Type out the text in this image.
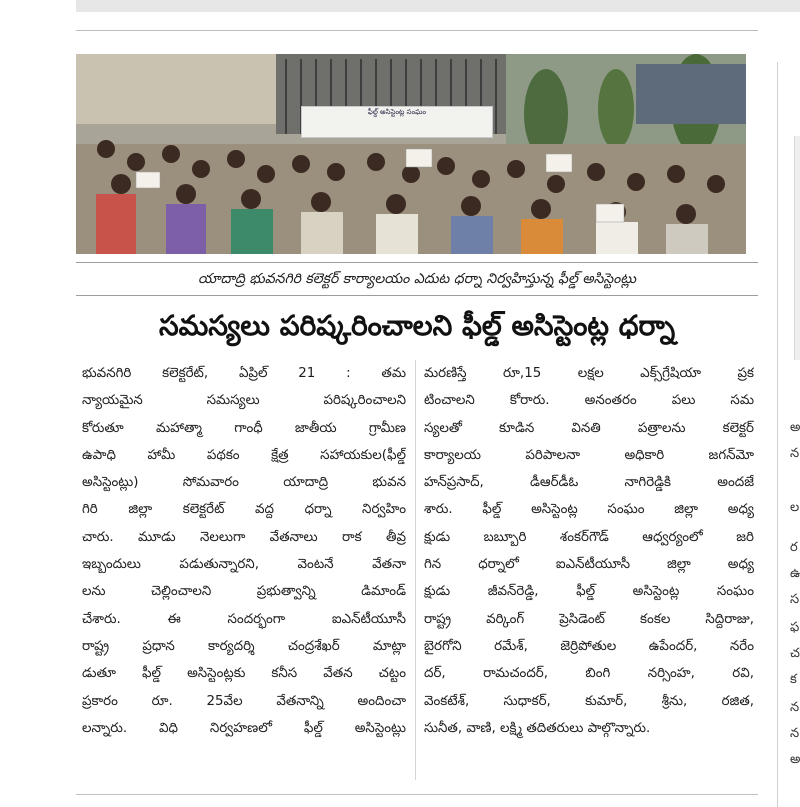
అ
న
ల
ర
ఉ
స
ఫ
చ
క
న
న
అ
ఫీల్డ్ అసిస్టెంట్ల సంఘం
యాదాద్రి భువనగిరి కలెక్టర్ కార్యాలయం ఎదుట ధర్నా నిర్వహిస్తున్న ఫీల్డ్ అసిస్టెంట్లు
సమస్యలు పరిష్కరించాలని ఫీల్డ్ అసిస్టెంట్ల ధర్నా
భువనగిరి కలెక్టరేట్, ఏప్రిల్ 21 : తమ
న్యాయమైన సమస్యలు పరిష్కరించాలని
కోరుతూ మహాత్మా గాంధీ జాతీయ గ్రామీణ
ఉపాధి హామీ పథకం క్షేత్ర సహాయకుల(ఫీల్డ్
అసిస్టెంట్లు) సోమవారం యాదాద్రి భువన
గిరి జిల్లా కలెక్టరేట్ వద్ద ధర్నా నిర్వహిం
చారు. మూడు నెలలుగా వేతనాలు రాక తీవ్ర
ఇబ్బందులు పడుతున్నారని, వెంటనే వేతనా
లను చెల్లించాలని ప్రభుత్వాన్ని డిమాండ్
చేశారు. ఈ సందర్భంగా ఐఎన్‌టీయూసీ
రాష్ట్ర ప్రధాన కార్యదర్శి చంద్రశేఖర్ మాట్లా
డుతూ ఫీల్డ్ అసిస్టెంట్లకు కనీస వేతన చట్టం
ప్రకారం రూ. 25వేల వేతనాన్ని అందించా
లన్నారు. విధి నిర్వహణలో ఫీల్డ్ అసిస్టెంట్లు
మరణిస్తే రూ,15 లక్షల ఎక్స్‌గ్రేషియా ప్రక
టించాలని కోరారు. అనంతరం పలు సమ
స్యలతో కూడిన వినతి పత్రాలను కలెక్టర్
కార్యాలయ పరిపాలనా అధికారి జగన్‌మో
హన్‌ప్రసాద్, డీఆర్‌డీఓ నాగిరెడ్డికి అందజే
శారు. ఫీల్డ్ అసిస్టెంట్ల సంఘం జిల్లా అధ్య
క్షుడు బబ్బూరి శంకర్‌గౌడ్ ఆధ్వర్యంలో జరి
గిన ధర్నాలో ఐఎన్‌టీయూసీ జిల్లా అధ్య
క్షుడు జీవన్‌రెడ్డి, ఫీల్డ్ అసిస్టెంట్ల సంఘం
రాష్ట్ర వర్కింగ్ ప్రెసిడెంట్ కంకల సిద్దిరాజు,
బైరగోని రమేశ్, జెర్రిపోతుల ఉపేందర్, నరేం
దర్, రామచందర్, బింగి నర్సింహ, రవి,
వెంకటేశ్, సుధాకర్, కుమార్, శ్రీను, రజిత,
సునీత, వాణి, లక్ష్మి తదితరులు పాల్గొన్నారు.
